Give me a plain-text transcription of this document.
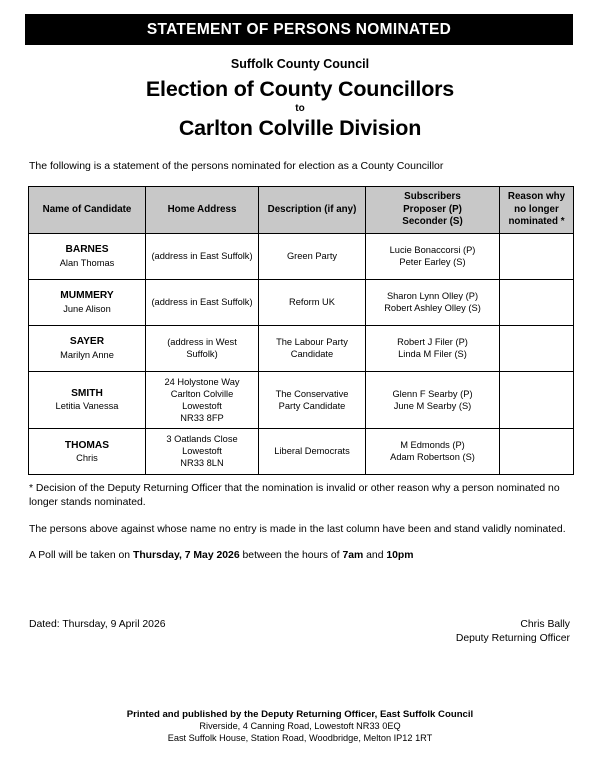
STATEMENT OF PERSONS NOMINATED
Suffolk County Council
Election of County Councillors
to
Carlton Colville Division
The following is a statement of the persons nominated for election as a County Councillor
Name of Candidate	Home Address	Description (if any)	Subscribers
Proposer (P)
Seconder (S)	Reason why
no longer
nominated *

BARNES
Alan Thomas	(address in East Suffolk)	Green Party	Lucie Bonaccorsi (P)
Peter Earley (S)	

MUMMERY
June Alison	(address in East Suffolk)	Reform UK	Sharon Lynn Olley (P)
Robert Ashley Olley (S)	

SAYER
Marilyn Anne	(address in West
Suffolk)	The Labour Party
Candidate	Robert J Filer (P)
Linda M Filer (S)	

SMITH
Letitia Vanessa	24 Holystone Way
Carlton Colville
Lowestoft
NR33 8FP	The Conservative
Party Candidate	Glenn F Searby (P)
June M Searby (S)	

THOMAS
Chris	3 Oatlands Close
Lowestoft
NR33 8LN	Liberal Democrats	M Edmonds (P)
Adam Robertson (S)	

* Decision of the Deputy Returning Officer that the nomination is invalid or other reason why a person nominated no longer stands nominated.

The persons above against whose name no entry is made in the last column have been and stand validly nominated.

A Poll will be taken on Thursday, 7 May 2026 between the hours of 7am and 10pm

Dated: Thursday, 9 April 2026	Chris Bally
Deputy Returning Officer
Printed and published by the Deputy Returning Officer, East Suffolk Council
Riverside, 4 Canning Road, Lowestoft NR33 0EQ
East Suffolk House, Station Road, Woodbridge, Melton IP12 1RT
